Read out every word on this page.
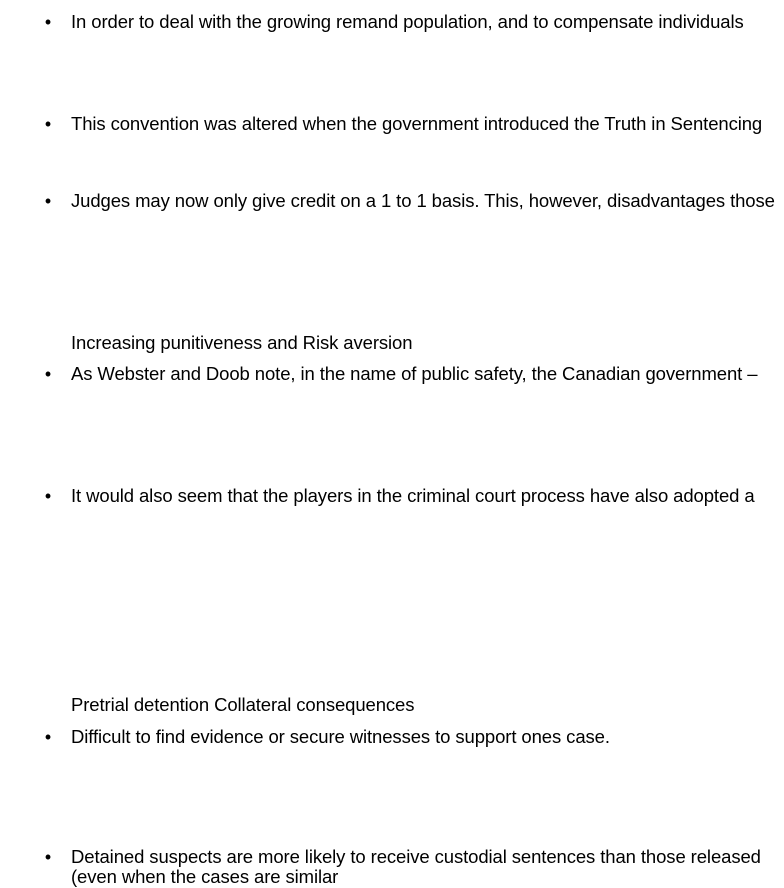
• In order to deal with the growing remand population, and to compensate individuals
• This convention was altered when the government introduced the Truth in Sentencing
• Judges may now only give credit on a 1 to 1 basis. This, however, disadvantages those
Increasing punitiveness and Risk aversion
• As Webster and Doob note, in the name of public safety, the Canadian government –
• It would also seem that the players in the criminal court process have also adopted a
Pretrial detention Collateral consequences
• Difficult to find evidence or secure witnesses to support ones case.
• Detained suspects are more likely to receive custodial sentences than those released
(even when the cases are similar
